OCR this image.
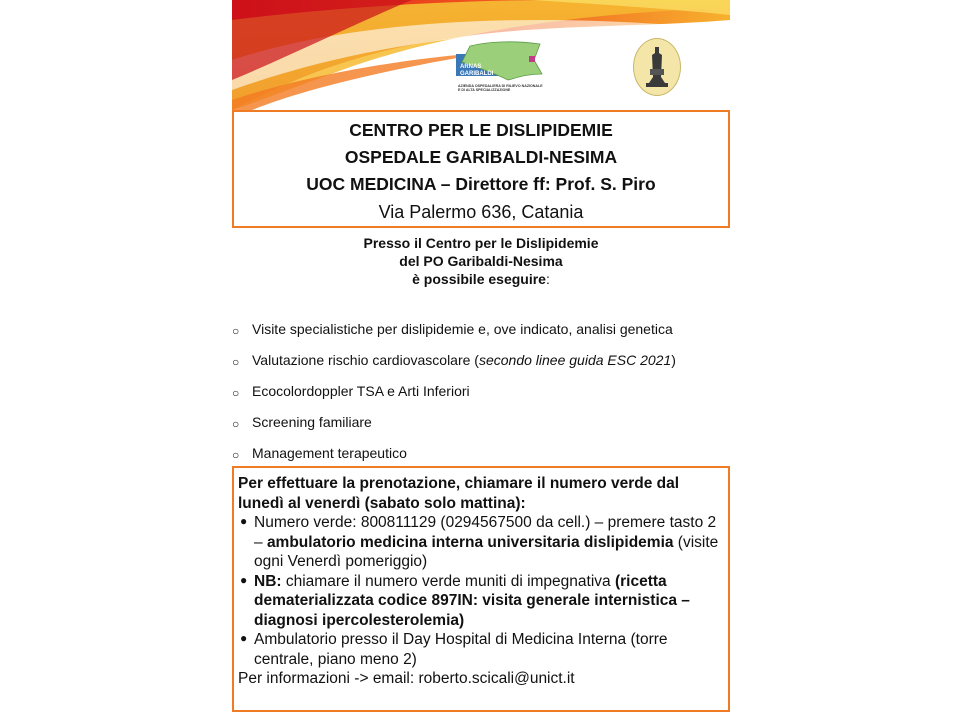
ARNAS
GARIBALDI
AZIENDA OSPEDALIERA DI RILIEVO NAZIONALE E DI ALTA SPECIALIZZAZIONE
CENTRO PER LE DISLIPIDEMIE
OSPEDALE GARIBALDI-NESIMA
UOC MEDICINA – Direttore ff: Prof. S. Piro
Via Palermo 636, Catania
Presso il Centro per le Dislipidemie
del PO Garibaldi-Nesima
è possibile eseguire:
○ Visite specialistiche per dislipidemie e, ove indicato, analisi genetica
○ Valutazione rischio cardiovascolare (secondo linee guida ESC 2021)
○ Ecocolordoppler TSA e Arti Inferiori
○ Screening familiare
○ Management terapeutico
Per effettuare la prenotazione, chiamare il numero verde dal lunedì al venerdì (sabato solo mattina):
● Numero verde: 800811129 (0294567500 da cell.) – premere tasto 2 – ambulatorio medicina interna universitaria dislipidemia (visite ogni Venerdì pomeriggio)
● NB: chiamare il numero verde muniti di impegnativa (ricetta dematerializzata codice 897IN: visita generale internistica – diagnosi ipercolesterolemia)
● Ambulatorio presso il Day Hospital di Medicina Interna (torre centrale, piano meno 2)
Per informazioni -> email: roberto.scicali@unict.it
